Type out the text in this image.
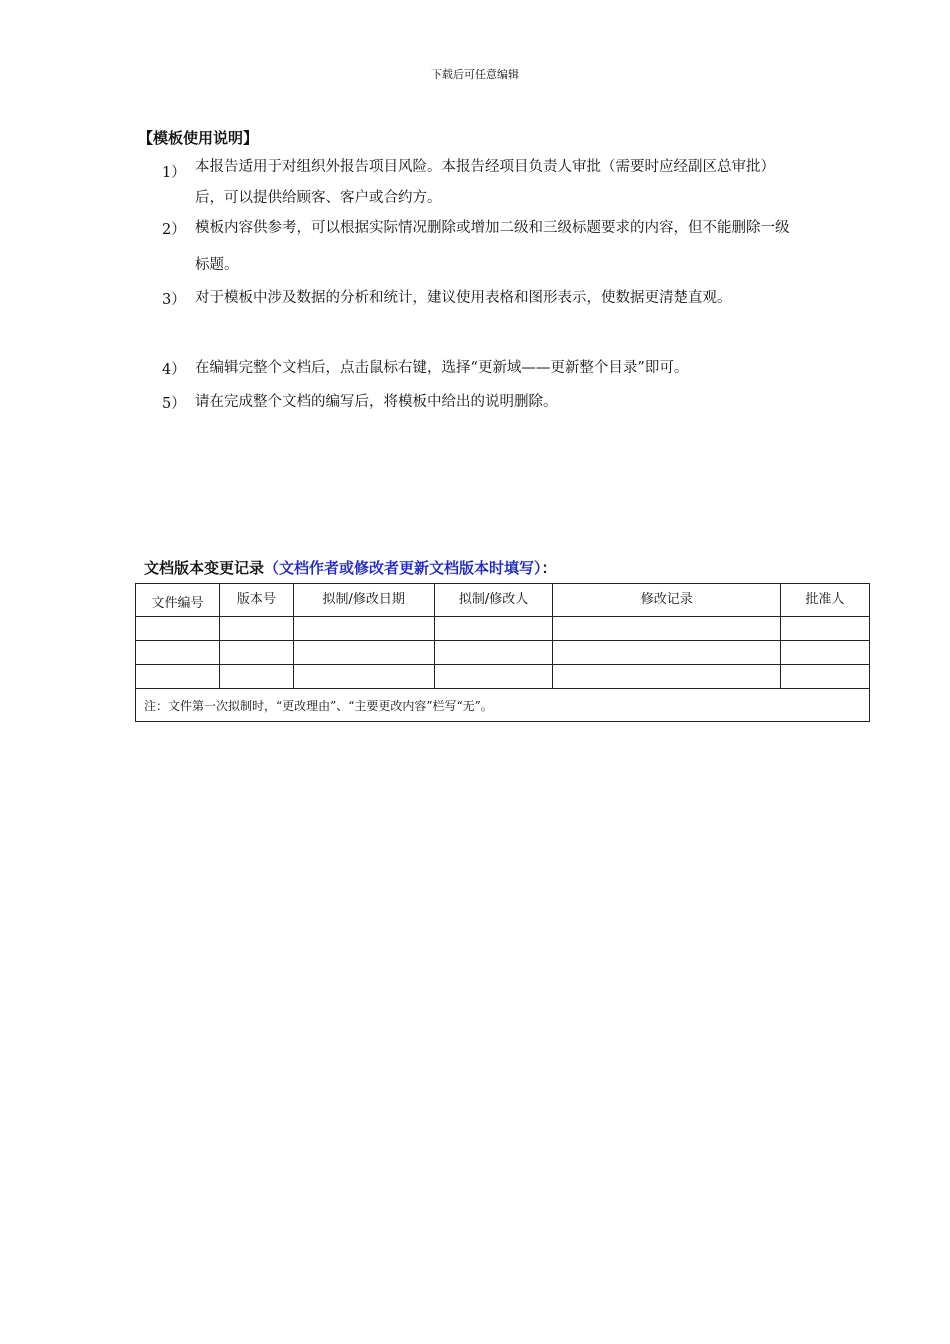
下载后可任意编辑
【模板使用说明】
1） 本报告适用于对组织外报告项目风险。本报告经项目负责人审批（需要时应经副区总审批）后，可以提供给顾客、客户或合约方。
2） 模板内容供参考，可以根据实际情况删除或增加二级和三级标题要求的内容，但不能删除一级标题。
3） 对于模板中涉及数据的分析和统计，建议使用表格和图形表示，使数据更清楚直观。
4） 在编辑完整个文档后，点击鼠标右键，选择“更新域——更新整个目录”即可。
5） 请在完成整个文档的编写后，将模板中给出的说明删除。
文档版本变更记录（文档作者或修改者更新文档版本时填写）：
文件编号	版本号	拟制/修改日期	拟制/修改人	修改记录	批准人

注：文件第一次拟制时，“更改理由”、“主要更改内容”栏写“无”。					
